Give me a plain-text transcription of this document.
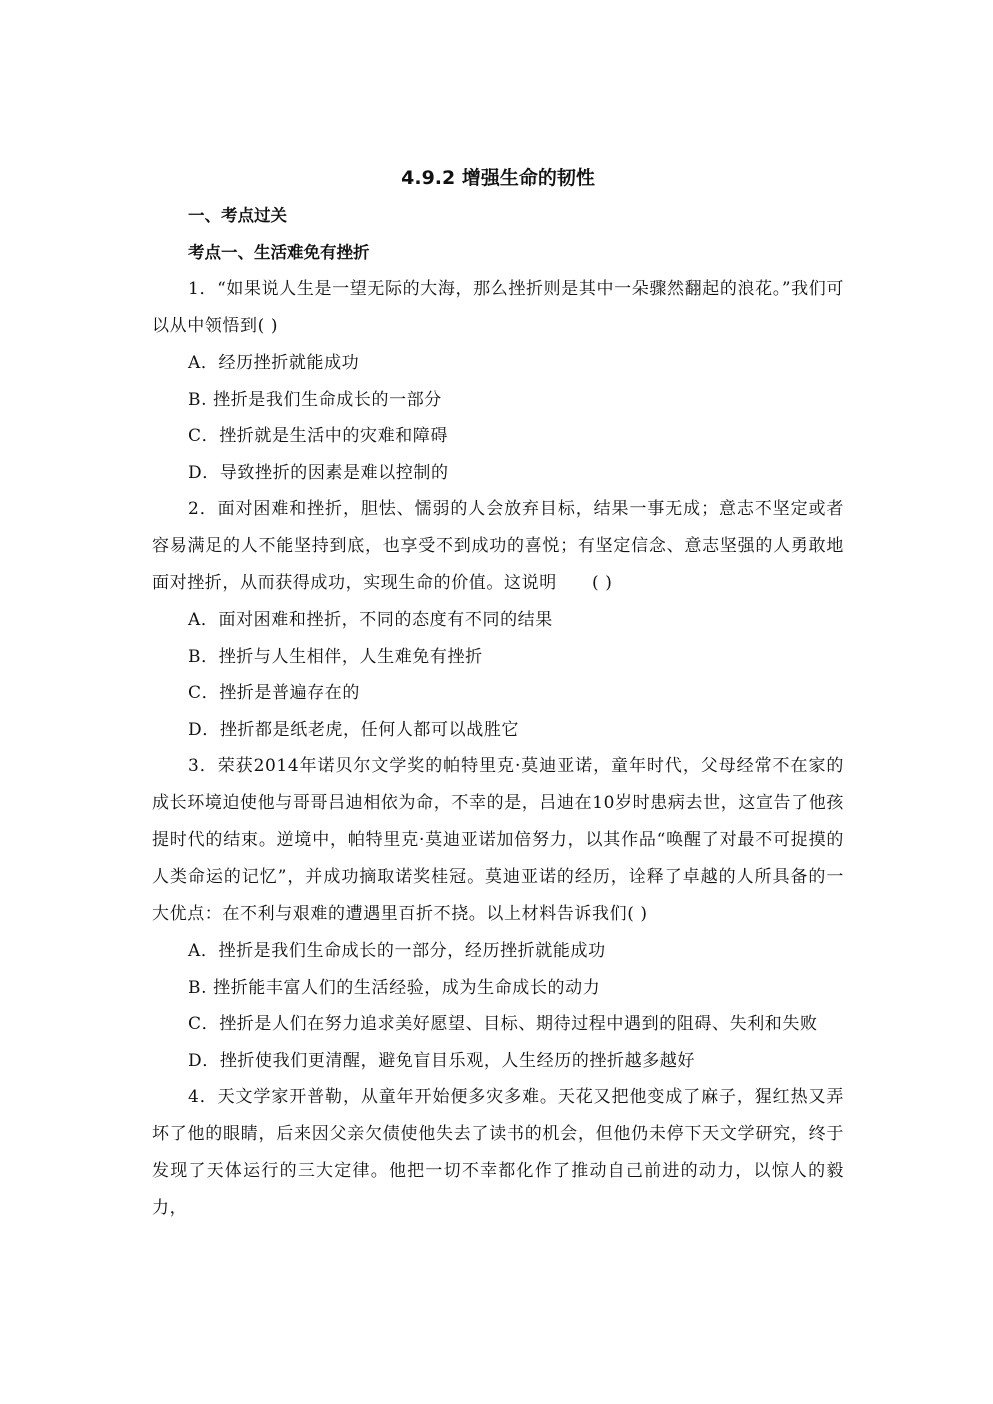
4.9.2 增强生命的韧性

一、考点过关

考点一、生活难免有挫折

1．“如果说人生是一望无际的大海，那么挫折则是其中一朵骤然翻起的浪花。”我们可以从中领悟到( )

A．经历挫折就能成功

B. 挫折是我们生命成长的一部分

C．挫折就是生活中的灾难和障碍

D．导致挫折的因素是难以控制的

2．面对困难和挫折，胆怯、懦弱的人会放弃目标，结果一事无成；意志不坚定或者容易满足的人不能坚持到底，也享受不到成功的喜悦；有坚定信念、意志坚强的人勇敢地面对挫折，从而获得成功，实现生命的价值。这说明　　( )

A．面对困难和挫折，不同的态度有不同的结果

B．挫折与人生相伴，人生难免有挫折

C．挫折是普遍存在的

D．挫折都是纸老虎，任何人都可以战胜它

3．荣获2014年诺贝尔文学奖的帕特里克·莫迪亚诺，童年时代，父母经常不在家的成长环境迫使他与哥哥吕迪相依为命，不幸的是，吕迪在10岁时患病去世，这宣告了他孩提时代的结束。逆境中，帕特里克·莫迪亚诺加倍努力，以其作品“唤醒了对最不可捉摸的人类命运的记忆”，并成功摘取诺奖桂冠。莫迪亚诺的经历，诠释了卓越的人所具备的一大优点：在不利与艰难的遭遇里百折不挠。以上材料告诉我们( )

A．挫折是我们生命成长的一部分，经历挫折就能成功

B. 挫折能丰富人们的生活经验，成为生命成长的动力

C．挫折是人们在努力追求美好愿望、目标、期待过程中遇到的阻碍、失利和失败

D．挫折使我们更清醒，避免盲目乐观，人生经历的挫折越多越好

4．天文学家开普勒，从童年开始便多灾多难。天花又把他变成了麻子，猩红热又弄坏了他的眼睛，后来因父亲欠债使他失去了读书的机会，但他仍未停下天文学研究，终于发现了天体运行的三大定律。他把一切不幸都化作了推动自己前进的动力，以惊人的毅力，
